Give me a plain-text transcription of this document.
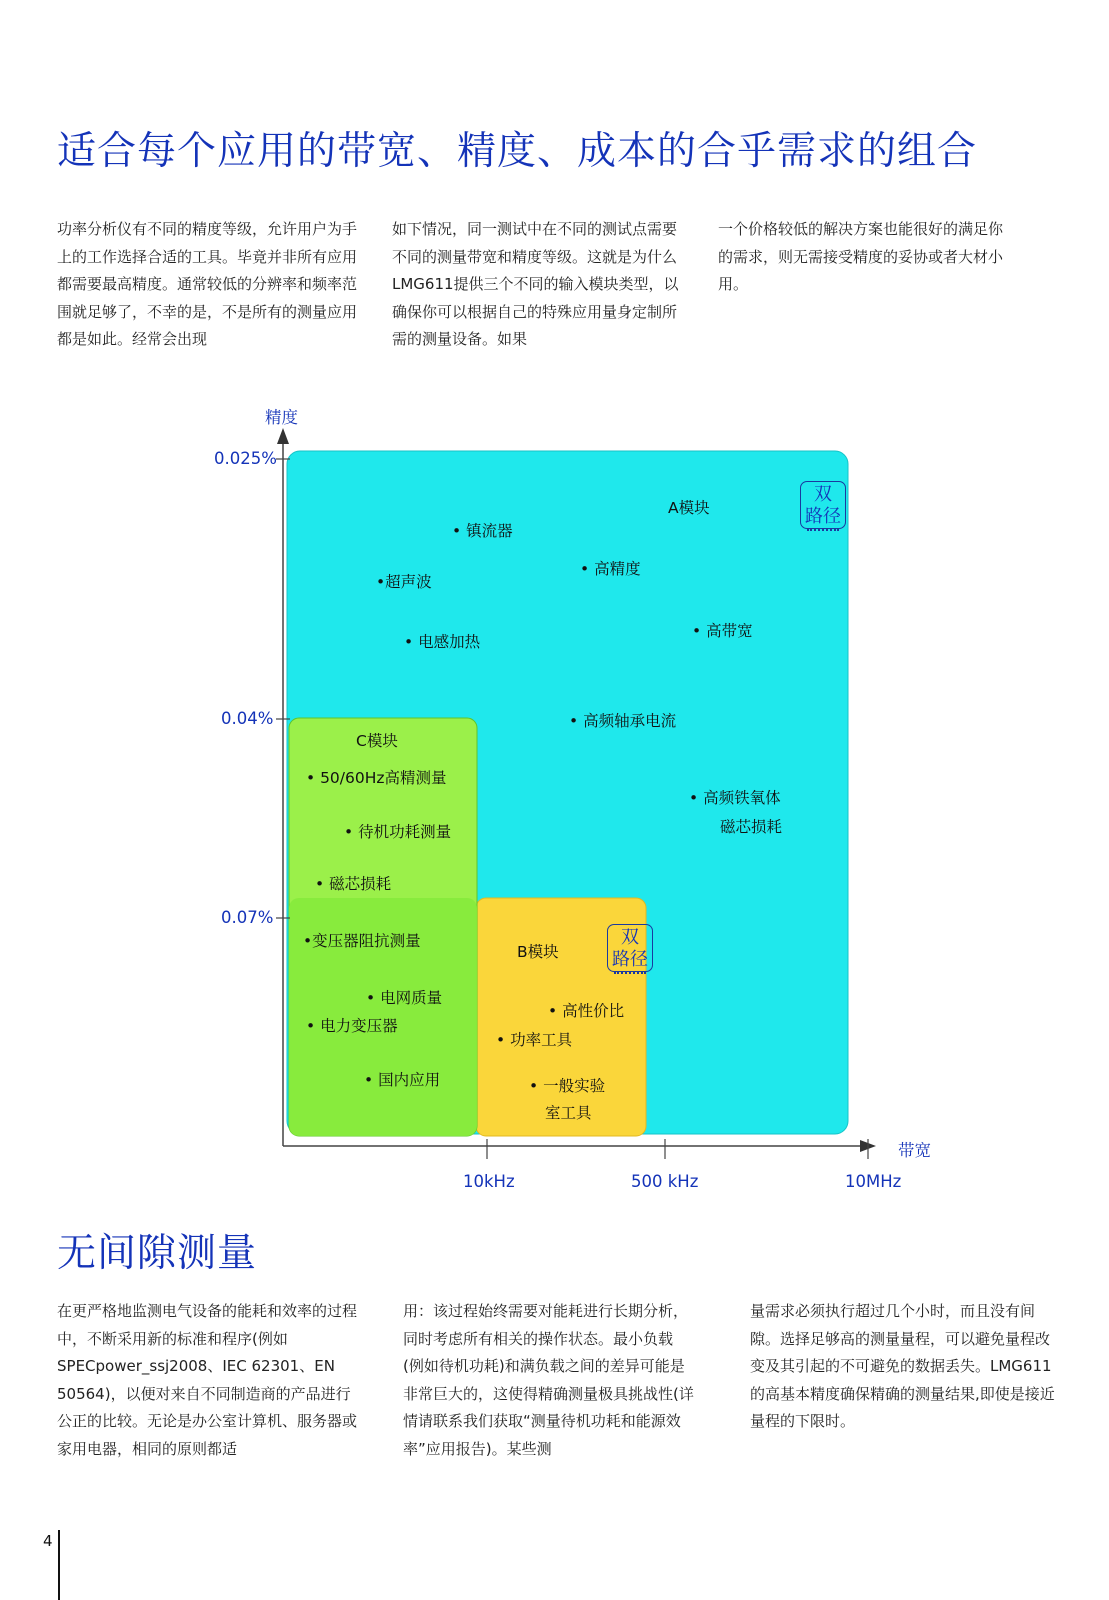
适合每个应用的带宽、精度、成本的合乎需求的组合

功率分析仪有不同的精度等级，允许用户为手上的工作选择合适的工具。毕竟并非所有应用都需要最高精度。通常较低的分辨率和频率范围就足够了，不幸的是，不是所有的测量应用都是如此。经常会出现

如下情况，同一测试中在不同的测试点需要不同的测量带宽和精度等级。这就是为什么LMG611提供三个不同的输入模块类型，以确保你可以根据自己的特殊应用量身定制所需的测量设备。如果

一个价格较低的解决方案也能很好的满足你的需求，则无需接受精度的妥协或者大材小用。

精度
带宽
0.025%
0.04%
0.07%
10kHz	500 kHz	10MHz
A模块
双
路径
• 镇流器
•超声波
• 电感加热
• 高精度
• 高带宽
• 高频轴承电流
• 高频铁氧体
磁芯损耗
C模块
• 50/60Hz高精测量
• 待机功耗测量
• 磁芯损耗
•变压器阻抗测量
• 电网质量
• 电力变压器
• 国内应用
B模块
双
路径
• 高性价比
• 功率工具
• 一般实验
室工具
无间隙测量

在更严格地监测电气设备的能耗和效率的过程中，不断采用新的标准和程序(例如SPECpower_ssj2008、IEC 62301、EN 50564)，以便对来自不同制造商的产品进行公正的比较。无论是办公室计算机、服务器或家用电器，相同的原则都适

用：该过程始终需要对能耗进行长期分析，同时考虑所有相关的操作状态。最小负载 (例如待机功耗)和满负载之间的差异可能是非常巨大的，这使得精确测量极具挑战性(详情请联系我们获取“测量待机功耗和能源效率”应用报告)。某些测

量需求必须执行超过几个小时，而且没有间隙。选择足够高的测量量程，可以避免量程改变及其引起的不可避免的数据丢失。LMG611的高基本精度确保精确的测量结果,即使是接近量程的下限时。

4
